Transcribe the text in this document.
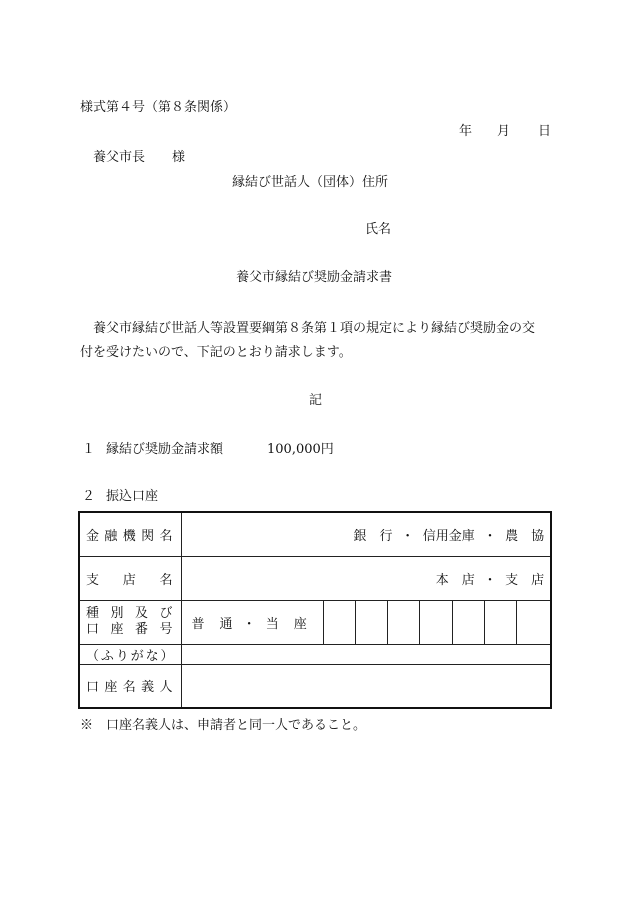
様式第４号（第８条関係）
年 月 日
養父市長 様
縁結び世話人（団体）住所
氏名
養父市縁結び奨励金請求書
養父市縁結び世話人等設置要綱第８条第１項の規定により縁結び奨励金の交
付を受けたいので、下記のとおり請求します。
記
１ 縁結び奨励金請求額	100,000円
２ 振込口座
金融機関名	銀　行 ・ 信用金庫 ・ 農　協							
支　店　名	本　店 ・ 支　店							

種別及び
口座番号	普　通 ・ 当　座							
（ふりがな）								
口座名義人								
※　口座名義人は、申請者と同一人であること。
